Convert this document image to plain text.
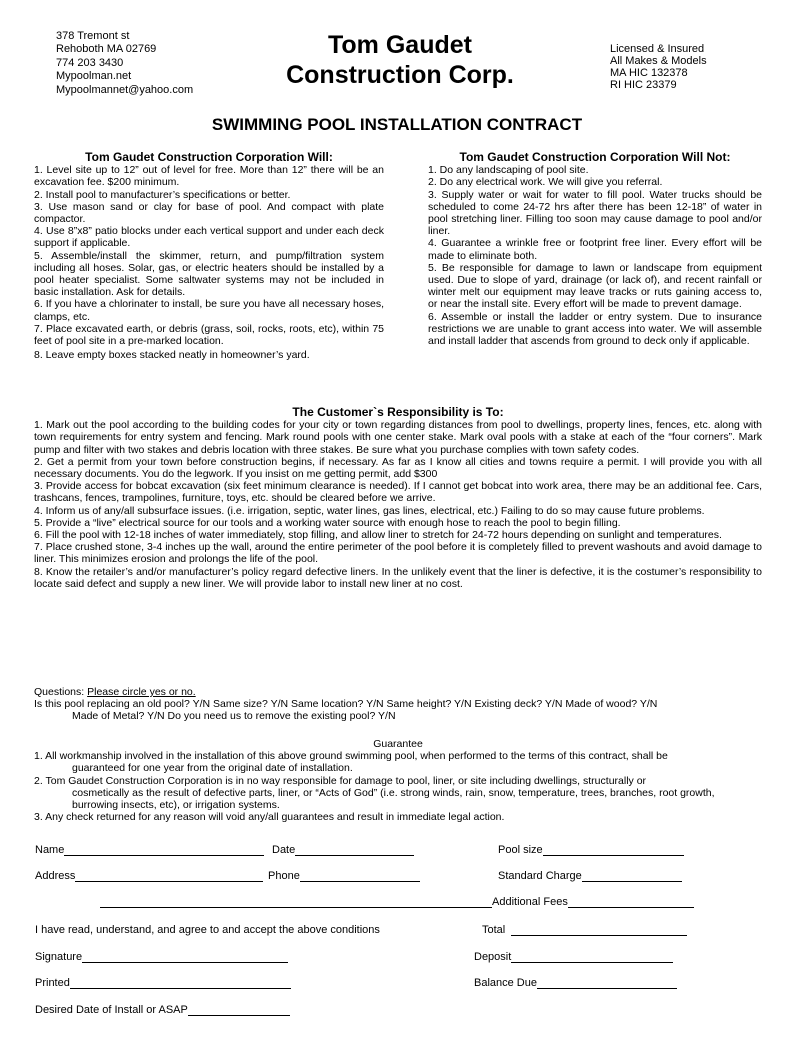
378 Tremont st
Rehoboth MA 02769
774 203 3430
Mypoolman.net
Mypoolmannet@yahoo.com
Tom Gaudet
Construction Corp.
Licensed & Insured
All Makes & Models
MA HIC 132378
RI HIC 23379
SWIMMING POOL INSTALLATION CONTRACT
Tom Gaudet Construction Corporation Will:

1. Level site up to 12” out of level for free. More than 12” there will be an excavation fee. $200 minimum.

2. Install pool to manufacturer’s specifications or better.

3. Use mason sand or clay for base of pool. And compact with plate compactor.

4. Use 8”x8” patio blocks under each vertical support and under each deck support if applicable.

5. Assemble/install the skimmer, return, and pump/filtration system including all hoses. Solar, gas, or electric heaters should be installed by a pool heater specialist. Some saltwater systems may not be included in basic installation. Ask for details.

6. If you have a chlorinater to install, be sure you have all necessary hoses, clamps, etc.

7. Place excavated earth, or debris (grass, soil, rocks, roots, etc), within 75 feet of pool site in a pre-marked location.

8. Leave empty boxes stacked neatly in homeowner’s yard.

Tom Gaudet Construction Corporation Will Not:

1. Do any landscaping of pool site.

2. Do any electrical work. We will give you referral.

3. Supply water or wait for water to fill pool. Water trucks should be scheduled to come 24-72 hrs after there has been 12-18” of water in pool stretching liner. Filling too soon may cause damage to pool and/or liner.

4. Guarantee a wrinkle free or footprint free liner. Every effort will be made to eliminate both.

5. Be responsible for damage to lawn or landscape from equipment used. Due to slope of yard, drainage (or lack of), and recent rainfall or winter melt our equipment may leave tracks or ruts gaining access to, or near the install site. Every effort will be made to prevent damage.

6. Assemble or install the ladder or entry system. Due to insurance restrictions we are unable to grant access into water. We will assemble and install ladder that ascends from ground to deck only if applicable.

The Customer`s Responsibility is To:

1. Mark out the pool according to the building codes for your city or town regarding distances from pool to dwellings, property lines, fences, etc. along with town requirements for entry system and fencing. Mark round pools with one center stake. Mark oval pools with a stake at each of the “four corners”. Mark pump and filter with two stakes and debris location with three stakes. Be sure what you purchase complies with town safety codes.

2. Get a permit from your town before construction begins, if necessary. As far as I know all cities and towns require a permit. I will provide you with all necessary documents. You do the legwork. If you insist on me getting permit, add $300

3. Provide access for bobcat excavation (six feet minimum clearance is needed). If I cannot get bobcat into work area, there may be an additional fee. Cars, trashcans, fences, trampolines, furniture, toys, etc. should be cleared before we arrive.

4. Inform us of any/all subsurface issues. (i.e. irrigation, septic, water lines, gas lines, electrical, etc.) Failing to do so may cause future problems.

5. Provide a “live” electrical source for our tools and a working water source with enough hose to reach the pool to begin filling.

6. Fill the pool with 12-18 inches of water immediately, stop filling, and allow liner to stretch for 24-72 hours depending on sunlight and temperatures.

7. Place crushed stone, 3-4 inches up the wall, around the entire perimeter of the pool before it is completely filled to prevent washouts and avoid damage to liner. This minimizes erosion and prolongs the life of the pool.

8. Know the retailer’s and/or manufacturer’s policy regard defective liners. In the unlikely event that the liner is defective, it is the costumer’s responsibility to locate said defect and supply a new liner. We will provide labor to install new liner at no cost.

Questions: Please circle yes or no.

Is this pool replacing an old pool? Y/N Same size? Y/N Same location? Y/N Same height? Y/N Existing deck? Y/N Made of wood? Y/N

Made of Metal? Y/N Do you need us to remove the existing pool? Y/N

Guarantee

1. All workmanship involved in the installation of this above ground swimming pool, when performed to the terms of this contract, shall be

guaranteed for one year from the original date of installation.

2. Tom Gaudet Construction Corporation is in no way responsible for damage to pool, liner, or site including dwellings, structurally or

cosmetically as the result of defective parts, liner, or “Acts of God” (i.e. strong winds, rain, snow, temperature, trees, branches, root growth, burrowing insects, etc), or irrigation systems.

3. Any check returned for any reason will void any/all guarantees and result in immediate legal action.

Name	Date	Pool size
Address	Phone	Standard Charge
Additional Fees
I have read, understand, and agree to and accept the above conditions	Total
Signature	Deposit
Printed	Balance Due
Desired Date of Install or ASAP
